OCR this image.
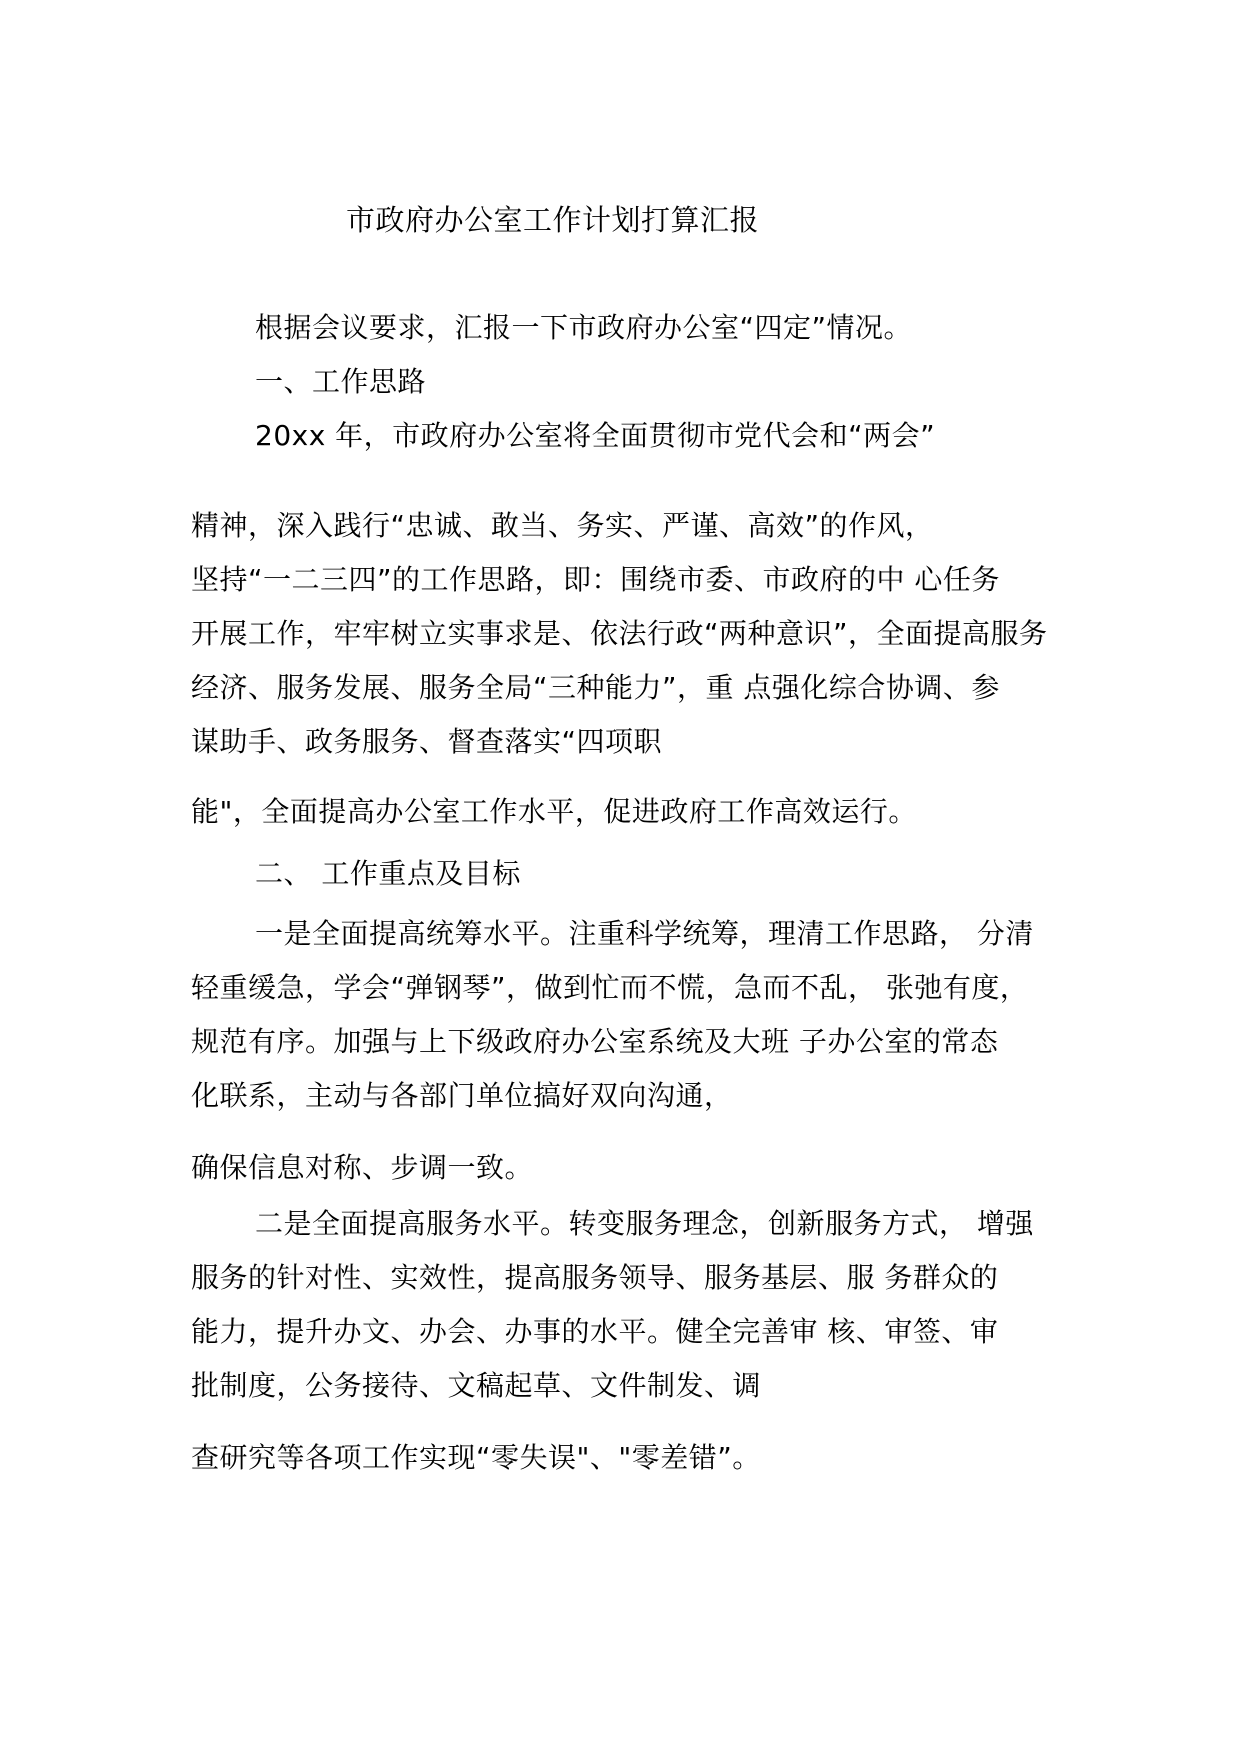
市政府办公室工作计划打算汇报
根据会议要求，汇报一下市政府办公室“四定”情况。
一、工作思路
20xx 年，市政府办公室将全面贯彻市党代会和“两会”
精神，深入践行“忠诚、敢当、务实、严谨、高效”的作风，
坚持“一二三四”的工作思路，即：围绕市委、市政府的中 心任务
开展工作，牢牢树立实事求是、依法行政“两种意识”，全面提高服务
经济、服务发展、服务全局“三种能力”，重 点强化综合协调、参
谋助手、政务服务、督查落实“四项职
能"，全面提高办公室工作水平，促进政府工作高效运行。
二、 工作重点及目标
一是全面提高统筹水平。注重科学统筹，理清工作思路， 分清
轻重缓急，学会“弹钢琴”，做到忙而不慌，急而不乱， 张弛有度，
规范有序。加强与上下级政府办公室系统及大班 子办公室的常态
化联系，主动与各部门单位搞好双向沟通，
确保信息对称、步调一致。
二是全面提高服务水平。转变服务理念，创新服务方式， 增强
服务的针对性、实效性，提高服务领导、服务基层、服 务群众的
能力，提升办文、办会、办事的水平。健全完善审 核、审签、审
批制度，公务接待、文稿起草、文件制发、调
查研究等各项工作实现“零失误"、"零差错”。
